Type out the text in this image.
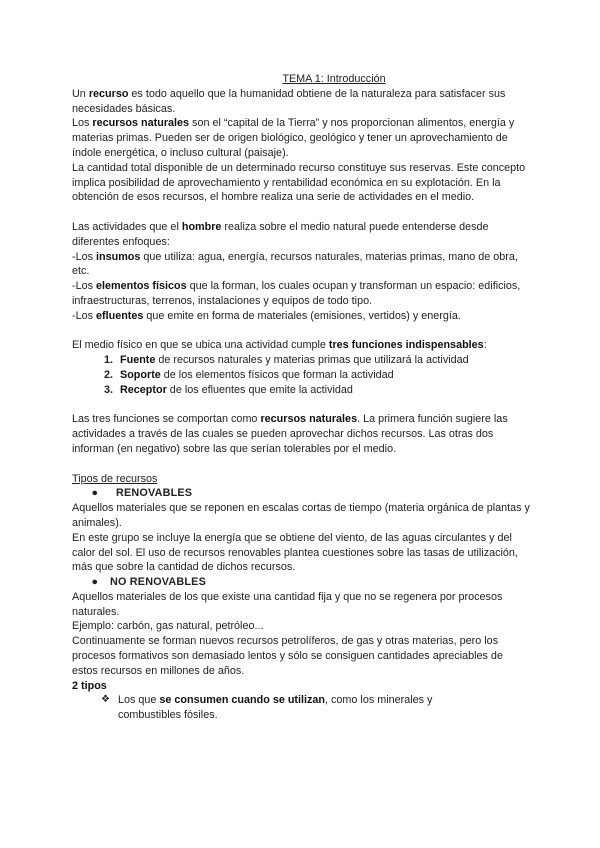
TEMA 1: Introducción

Un recurso es todo aquello que la humanidad obtiene de la naturaleza para satisfacer sus necesidades básicas.

Los recursos naturales son el “capital de la Tierra” y nos proporcionan alimentos, energía y materias primas. Pueden ser de origen biológico, geológico y tener un aprovechamiento de índole energética, o incluso cultural (paisaje).

La cantidad total disponible de un determinado recurso constituye sus reservas. Este concepto implica posibilidad de aprovechamiento y rentabilidad económica en su explotación. En la obtención de esos recursos, el hombre realiza una serie de actividades en el medio.

Las actividades que el hombre realiza sobre el medio natural puede entenderse desde diferentes enfoques:

-Los insumos que utiliza: agua, energía, recursos naturales, materias primas, mano de obra, etc.

-Los elementos físicos que la forman, los cuales ocupan y transforman un espacio: edificios, infraestructuras, terrenos, instalaciones y equipos de todo tipo.

-Los efluentes que emite en forma de materiales (emisiones, vertidos) y energía.

El medio físico en que se ubica una actividad cumple tres funciones indispensables:

1. Fuente de recursos naturales y materias primas que utilizará la actividad
2. Soporte de los elementos físicos que forman la actividad
3. Receptor de los efluentes que emite la actividad

Las tres funciones se comportan como recursos naturales. La primera función sugiere las actividades a través de las cuales se pueden aprovechar dichos recursos. Las otras dos informan (en negativo) sobre las que serían tolerables por el medio.

Tipos de recursos

●	RENOVABLES

Aquellos materiales que se reponen en escalas cortas de tiempo (materia orgánica de plantas y animales).

En este grupo se incluye la energía que se obtiene del viento, de las aguas circulantes y del calor del sol. El uso de recursos renovables plantea cuestiones sobre las tasas de utilización, más que sobre la cantidad de dichos recursos.

●	NO RENOVABLES

Aquellos materiales de los que existe una cantidad fija y que no se regenera por procesos naturales.

Ejemplo: carbón, gas natural, petróleo...

Continuamente se forman nuevos recursos petrolíferos, de gas y otras materias, pero los procesos formativos son demasiado lentos y sólo se consiguen cantidades apreciables de estos recursos en millones de años.

2 tipos

❖ Los que se consumen cuando se utilizan, como los minerales y combustibles fósiles.
